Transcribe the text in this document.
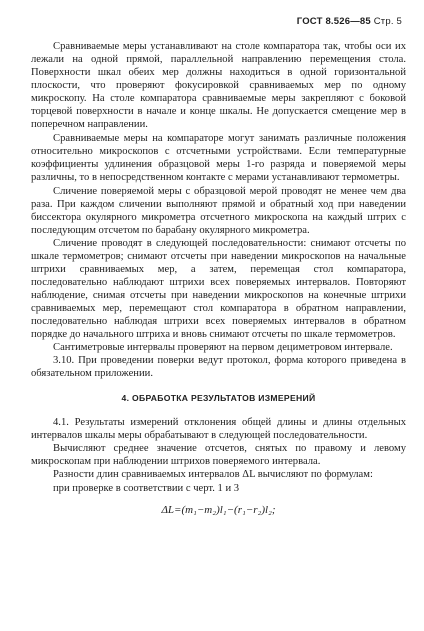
ГОСТ 8.526—85 Стр. 5

Сравниваемые меры устанавливают на столе компаратора так, чтобы оси их лежали на одной прямой, параллельной направлению перемещения стола. Поверхности шкал обеих мер должны находиться в одной горизонтальной плоскости, что проверяют фокусировкой сравниваемых мер по одному микроскопу. На столе компаратора сравниваемые меры закрепляют с боковой торцевой поверхности в начале и конце шкалы. Не допускается смещение мер в поперечном направлении.

Сравниваемые меры на компараторе могут занимать различные положения относительно микроскопов с отсчетными устройствами. Если температурные коэффициенты удлинения образцовой меры 1-го разряда и поверяемой меры различны, то в непосредственном контакте с мерами устанавливают термометры.

Сличение поверяемой меры с образцовой мерой проводят не менее чем два раза. При каждом сличении выполняют прямой и обратный ход при наведении биссектора окулярного микрометра отсчетного микроскопа на каждый штрих с последующим отсчетом по барабану окулярного микрометра.

Сличение проводят в следующей последовательности: снимают отсчеты по шкале термометров; снимают отсчеты при наведении микроскопов на начальные штрихи сравниваемых мер, а затем, перемещая стол компаратора, последовательно наблюдают штрихи всех поверяемых интервалов. Повторяют наблюдение, снимая отсчеты при наведении микроскопов на конечные штрихи сравниваемых мер, перемещают стол компаратора в обратном направлении, последовательно наблюдая штрихи всех поверяемых интервалов в обратном порядке до начального штриха и вновь снимают отсчеты по шкале термометров.

Сантиметровые интервалы проверяют на первом дециметровом интервале.

3.10. При проведении поверки ведут протокол, форма которого приведена в обязательном приложении.

4. ОБРАБОТКА РЕЗУЛЬТАТОВ ИЗМЕРЕНИЙ

4.1. Результаты измерений отклонения общей длины и длины отдельных интервалов шкалы меры обрабатывают в следующей последовательности.

Вычисляют среднее значение отсчетов, снятых по правому и левому микроскопам при наблюдении штрихов поверяемого интервала.

Разности длин сравниваемых интервалов ΔL вычисляют по формулам:

при проверке в соответствии с черт. 1 и 3

ΔL=(m₁−m₂)l₁−(r₁−r₂)l₂;
